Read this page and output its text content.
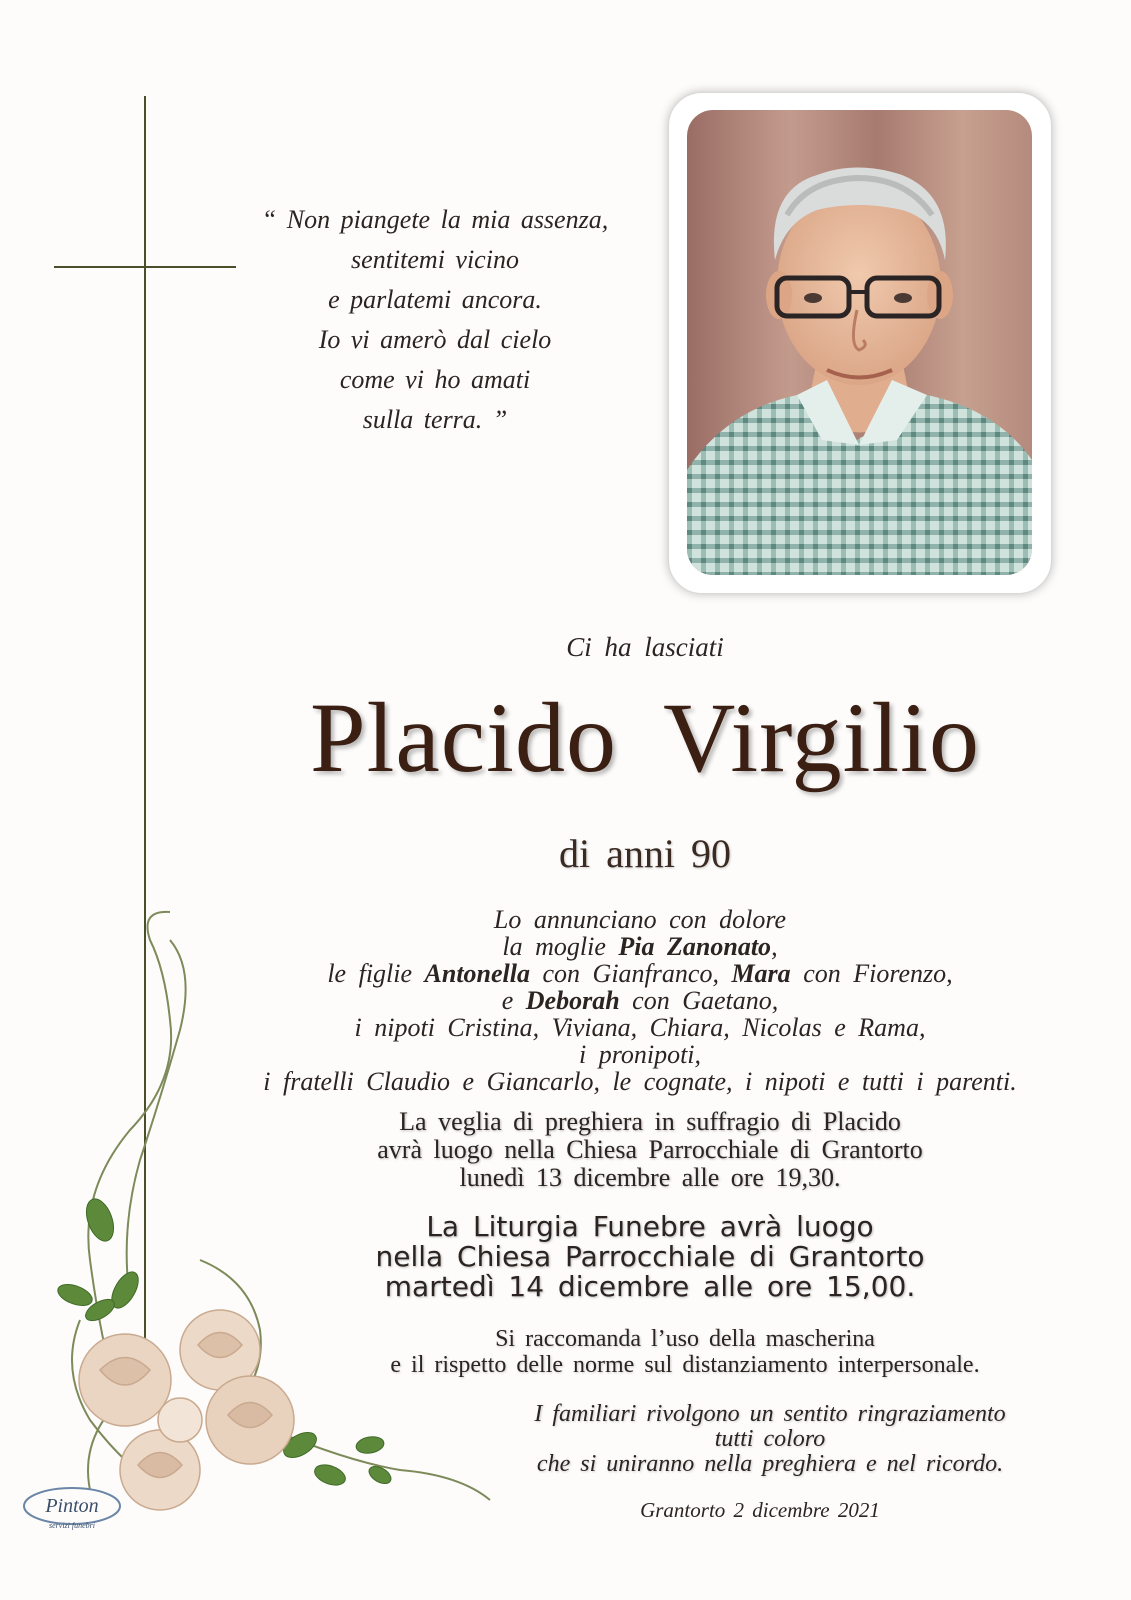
“ Non piangete la mia assenza,
sentitemi vicino
e parlatemi ancora.
Io vi amerò dal cielo
come vi ho amati
sulla terra. ”
Ci ha lasciati
Placido Virgilio
di anni 90
Lo annunciano con dolore
la moglie Pia Zanonato,
le figlie Antonella con Gianfranco, Mara con Fiorenzo,
e Deborah con Gaetano,
i nipoti Cristina, Viviana, Chiara, Nicolas e Rama,
i pronipoti,
i fratelli Claudio e Giancarlo, le cognate, i nipoti e tutti i parenti.
La veglia di preghiera in suffragio di Placido
avrà luogo nella Chiesa Parrocchiale di Grantorto
lunedì 13 dicembre alle ore 19,30.
La Liturgia Funebre avrà luogo
nella Chiesa Parrocchiale di Grantorto
martedì 14 dicembre alle ore 15,00.
Si raccomanda l’uso della mascherina
e il rispetto delle norme sul distanziamento interpersonale.
I familiari rivolgono un sentito ringraziamento
tutti coloro
che si uniranno nella preghiera e nel ricordo.
Grantorto 2 dicembre 2021
Pinton
servizi funebri
